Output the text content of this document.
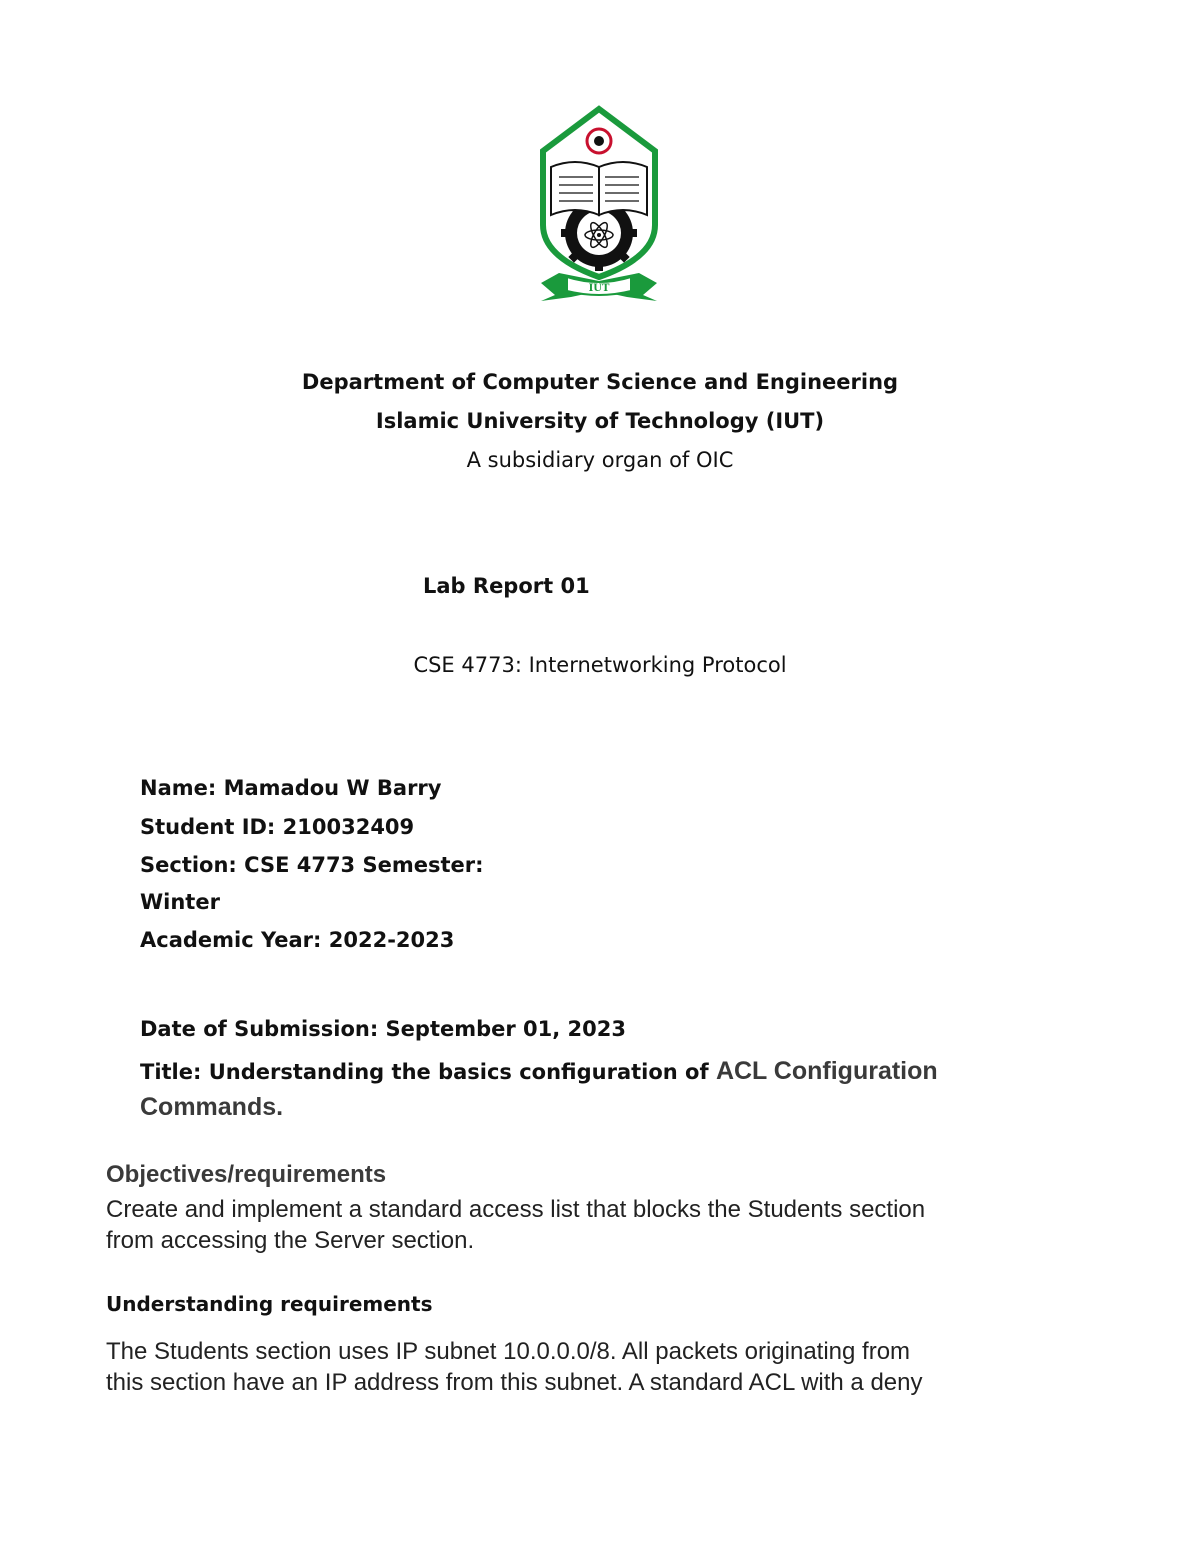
IUT

Department of Computer Science and Engineering

Islamic University of Technology (IUT)

A subsidiary organ of OIC

Lab Report 01

CSE 4773: Internetworking Protocol

Name: Mamadou W Barry

Student ID: 210032409

Section: CSE 4773 Semester:

Winter

Academic Year: 2022-2023

Date of Submission: September 01, 2023

Title: Understanding the basics configuration of ACL Configuration

Commands.

Objectives/requirements

Create and implement a standard access list that blocks the Students section

from accessing the Server section.

Understanding requirements

The Students section uses IP subnet 10.0.0.0/8. All packets originating from

this section have an IP address from this subnet. A standard ACL with a deny
